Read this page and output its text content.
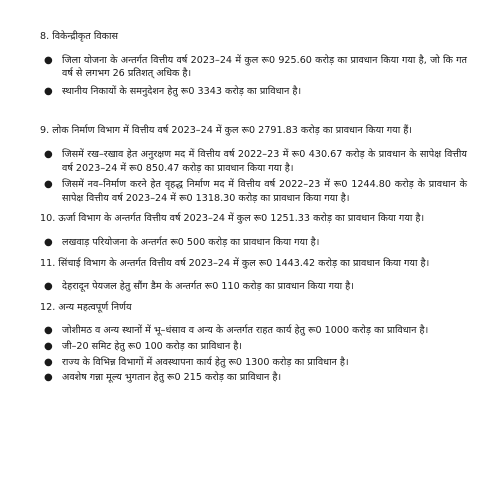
8. विकेन्द्रीकृत विकास

● जिला योजना के अन्तर्गत वित्तीय वर्ष 2023–24 में कुल रू0 925.60 करोड़ का प्रावधान किया गया है, जो कि गत वर्ष से लगभग 26 प्रतिशत् अधिक है।
● स्थानीय निकायों के समनुदेशन हेतु रू0 3343 करोड़ का प्राविधान है।

9. लोक निर्माण विभाग में वित्तीय वर्ष 2023–24 में कुल रू0 2791.83 करोड़ का प्रावधान किया गया हैं।

● जिसमें रख–रखाव हेत अनुरक्षण मद में वित्तीय वर्ष 2022–23 में रू0 430.67 करोड़ के प्रावधान के सापेक्ष वित्तीय वर्ष 2023–24 में रू0 850.47 करोड़ का प्रावधान किया गया है।
● जिसमें नव–निर्माण करने हेत वृहद्ध निर्माण मद में वित्तीय वर्ष 2022–23 में रू0 1244.80 करोड़ के प्रावधान के सापेक्ष वित्तीय वर्ष 2023–24 में रू0 1318.30 करोड़ का प्रावधान किया गया है।

10. ऊर्जा विभाग के अन्तर्गत वित्तीय वर्ष 2023–24 में कुल रू0 1251.33 करोड़ का प्रावधान किया गया है।

● लखवाड़ परियोजना के अन्तर्गत रू0 500 करोड़ का प्रावधान किया गया है।

11. सिंचाई विभाग के अन्तर्गत वित्तीय वर्ष 2023–24 में कुल रू0 1443.42 करोड़ का प्रावधान किया गया है।

● देहरादून पेयजल हेतु सौंग डैम के अन्तर्गत रू0 110 करोड़ का प्रावधान किया गया है।

12. अन्य महत्वपूर्ण निर्णय

● जोशीमठ व अन्य स्थानों में भू–धंसाव व अन्य के अन्तर्गत राहत कार्य हेतु रू0 1000 करोड़ का प्राविधान है।
● जी–20 समिट हेतु रू0 100 करोड़ का प्राविधान है।
● राज्य के विभिन्न विभागों में अवस्थापना कार्य हेतु रू0 1300 करोड़ का प्राविधान है।
● अवशेष गन्ना मूल्य भुगतान हेतु रू0 215 करोड़ का प्राविधान है।
